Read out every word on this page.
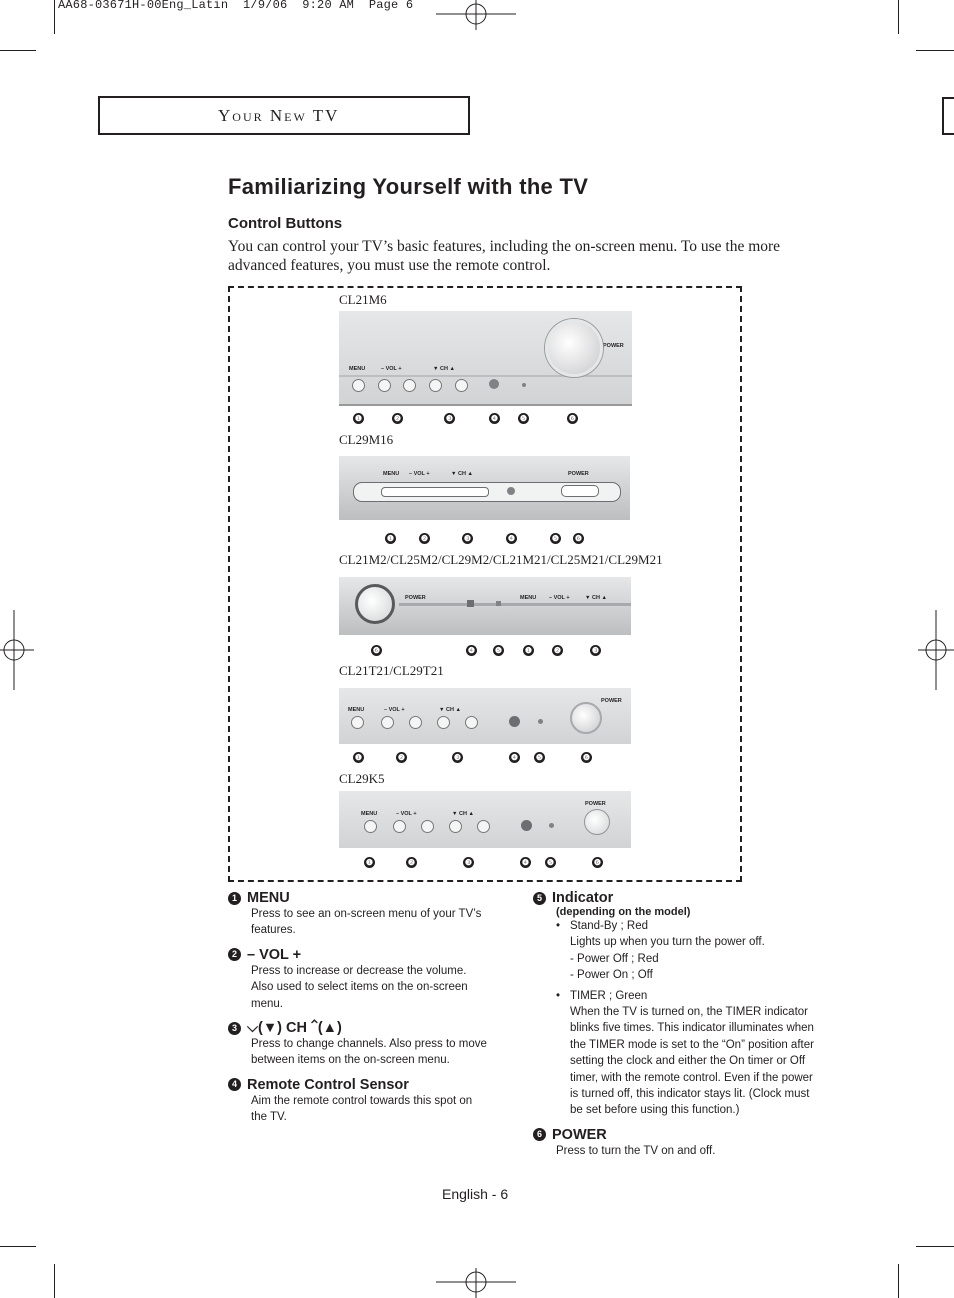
AA68-03671H-00Eng_Latin  1/9/06  9:20 AM  Page 6
Your New TV
Familiarizing Yourself with the TV
Control Buttons
You can control your TV’s basic features, including the on-screen menu. To use the more advanced features, you must use the remote control.
CL21M6
MENU	– VOL +	▼ CH ▲
POWER
❶	❷	❸	❹	❺	❻
CL29M16
MENU – VOL +	▼ CH ▲	POWER
❶	❷	❸	❹	❺ ❻
CL21M2/CL25M2/CL29M2/CL21M21/CL25M21/CL29M21
POWER	MENU – VOL +	▼ CH ▲
❻	❹ ❺	❶	❷	❸
CL21T21/CL29T21
MENU	– VOL +	▼ CH ▲
POWER
❶	❷	❸	❹ ❺	❻
CL29K5
MENU	– VOL +	▼ CH ▲
POWER
❶	❷	❸	❹ ❺	❻
1 MENU
Press to see an on-screen menu of your TV’s features.
2 – VOL +
Press to increase or decrease the volume. Also used to select items on the on-screen menu.
3 ⌵(▼) CH ⌃(▲)
Press to change channels. Also press to move between items on the on-screen menu.
4 Remote Control Sensor
Aim the remote control towards this spot on the TV.
5 Indicator
(depending on the model)
• Stand-By ; Red
Lights up when you turn the power off.
- Power Off ; Red
- Power On ; Off
• TIMER ; Green
When the TV is turned on, the TIMER indicator blinks five times. This indicator illuminates when the TIMER mode is set to the “On” position after setting the clock and either the On timer or Off timer, with the remote control. Even if the power is turned off, this indicator stays lit. (Clock must be set before using this function.)
6 POWER
Press to turn the TV on and off.
English - 6
